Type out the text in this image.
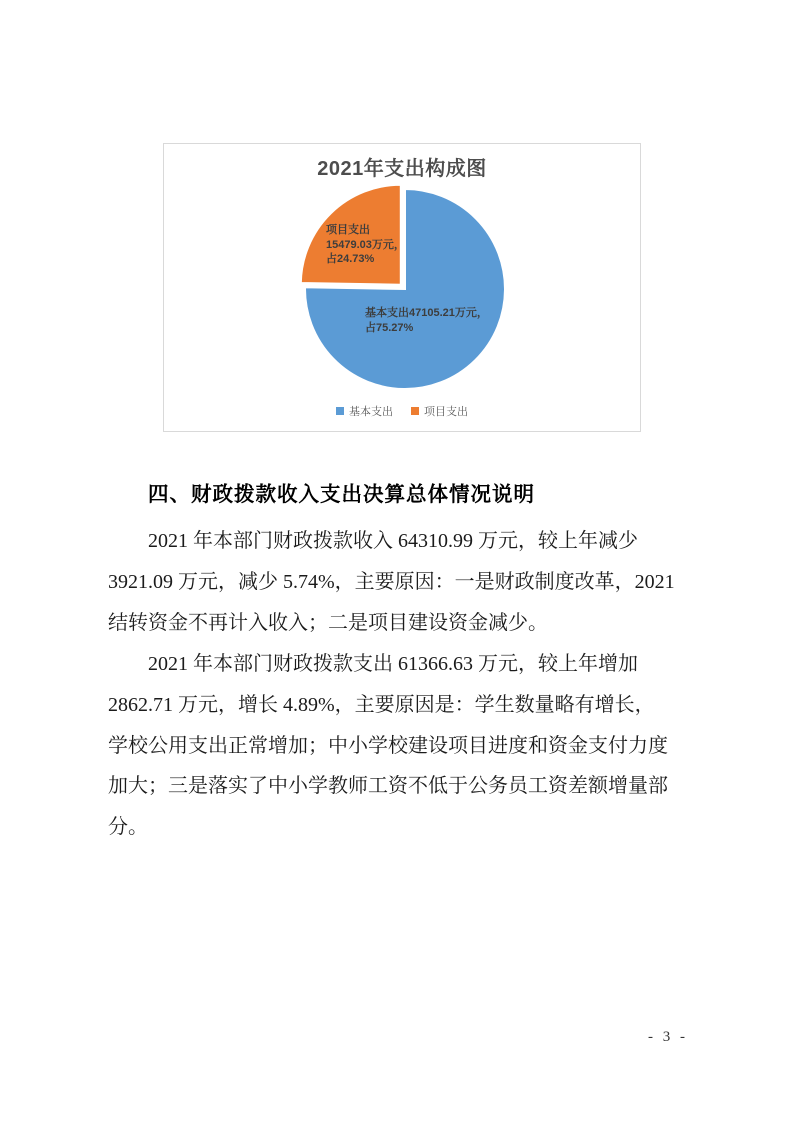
2021年支出构成图
项目支出
15479.03万元，
占24.73%
基本支出47105.21万元，
占75.27%
基本支出	项目支出
四、财政拨款收入支出决算总体情况说明
2021 年本部门财政拨款收入 64310.99 万元，较上年减少
3921.09 万元，减少 5.74%，主要原因：一是财政制度改革，2021
结转资金不再计入收入；二是项目建设资金减少。
2021 年本部门财政拨款支出 61366.63 万元，较上年增加
2862.71 万元，增长 4.89%，主要原因是：学生数量略有增长，
学校公用支出正常增加；中小学校建设项目进度和资金支付力度
加大；三是落实了中小学教师工资不低于公务员工资差额增量部
分。
- 3 -
